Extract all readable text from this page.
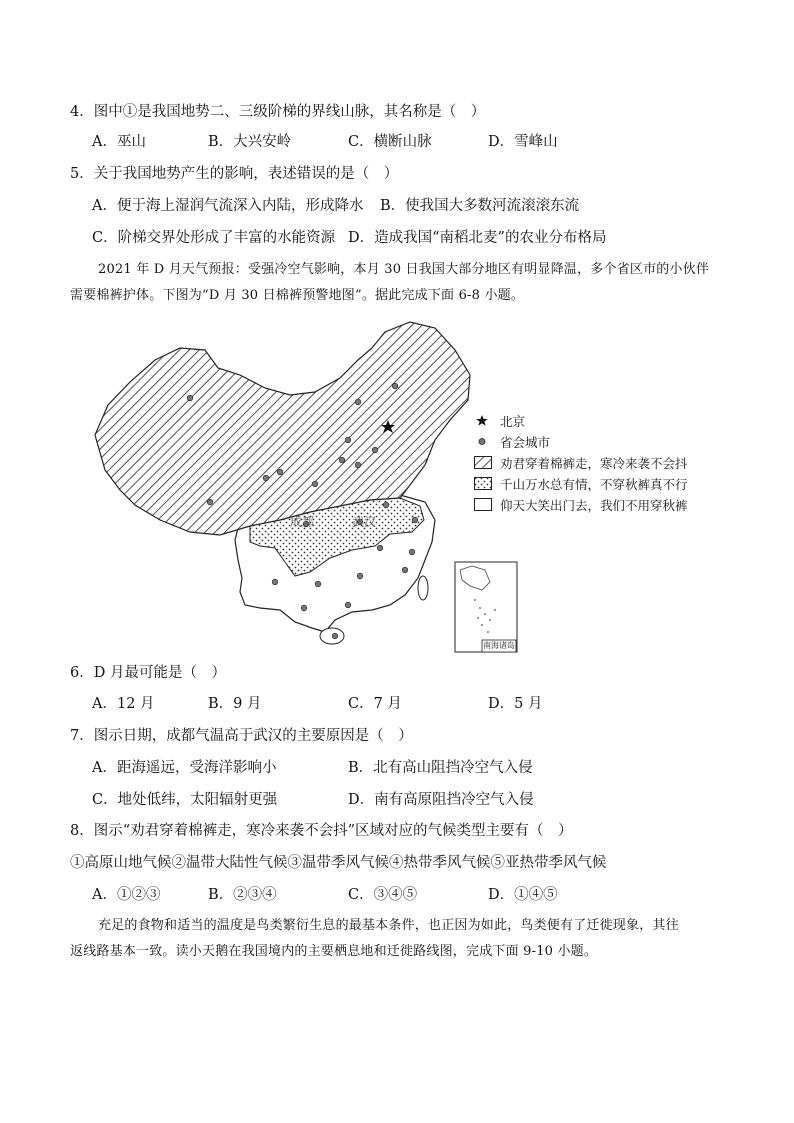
4．图中①是我国地势二、三级阶梯的界线山脉，其名称是（　）
A．巫山	B．大兴安岭	C．横断山脉	D．雪峰山
5．关于我国地势产生的影响，表述错误的是（　）
A．便于海上湿润气流深入内陆，形成降水 B．使我国大多数河流滚滚东流
C．阶梯交界处形成了丰富的水能资源 D．造成我国“南稻北麦”的农业分布格局
2021 年 D 月天气预报：受强冷空气影响，本月 30 日我国大部分地区有明显降温，多个省区市的小伙伴
需要棉裤护体。下图为“D 月 30 日棉裤预警地图”。据此完成下面 6-8 小题。
成都	武汉
南海诸岛
北京
省会城市
劝君穿着棉裤走，寒冷来袭不会抖
千山万水总有情，不穿秋裤真不行
仰天大笑出门去，我们不用穿秋裤
6．D 月最可能是（　）
A．12 月	B．9 月	C．7 月	D．5 月
7．图示日期，成都气温高于武汉的主要原因是（　）
A．距海遥远，受海洋影响小	B．北有高山阻挡冷空气入侵
C．地处低纬，太阳辐射更强	D．南有高原阻挡冷空气入侵
8．图示“劝君穿着棉裤走，寒冷来袭不会抖”区域对应的气候类型主要有（　）
①高原山地气候②温带大陆性气候③温带季风气候④热带季风气候⑤亚热带季风气候
A．①②③	B．②③④	C．③④⑤	D．①④⑤
充足的食物和适当的温度是鸟类繁衍生息的最基本条件，也正因为如此，鸟类便有了迁徙现象，其往
返线路基本一致。读小天鹅在我国境内的主要栖息地和迁徙路线图，完成下面 9-10 小题。
